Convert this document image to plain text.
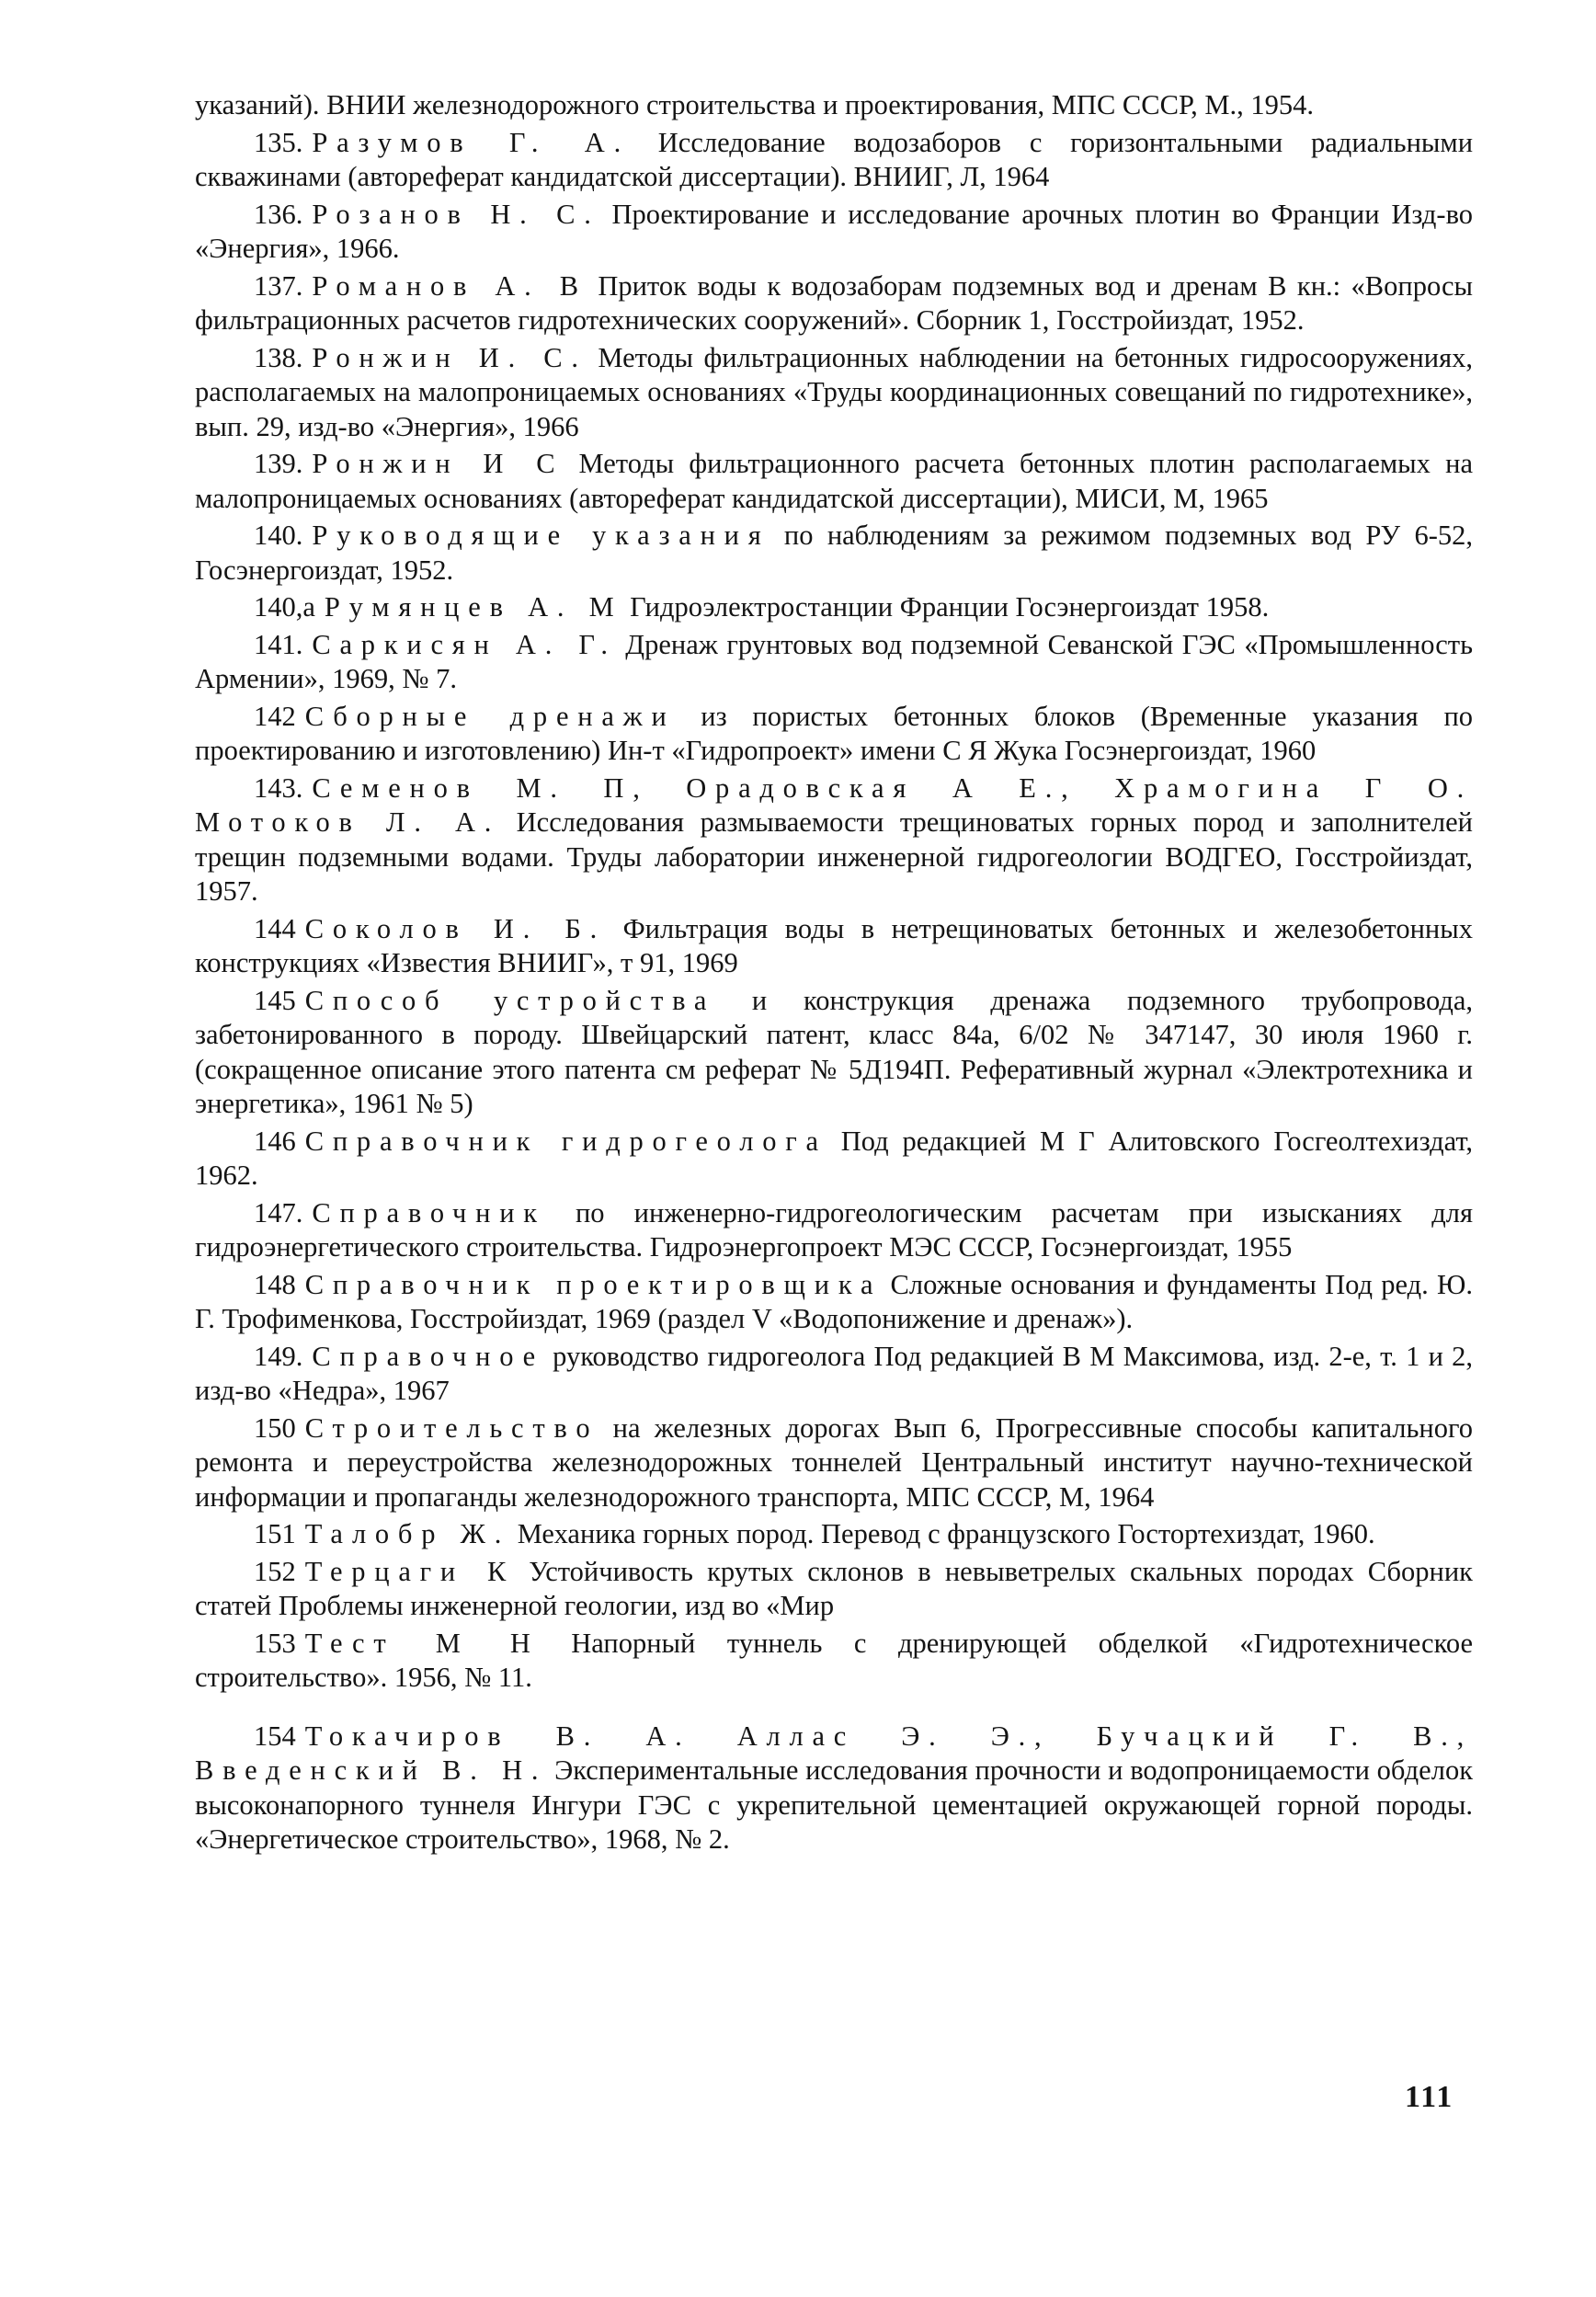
указаний). ВНИИ железнодорожного строительства и проектирования, МПС СССР, М., 1954.

135. Разумов Г. А. Исследование водозаборов с горизонтальными радиальными скважинами (автореферат кандидатской диссертации). ВНИИГ, Л, 1964

136. Розанов Н. С. Проектирование и исследование арочных плотин во Франции Изд-во «Энергия», 1966.

137. Романов А. В Приток воды к водозаборам подземных вод и дренам В кн.: «Вопросы фильтрационных расчетов гидротехнических сооружений». Сборник 1, Госстройиздат, 1952.

138. Ронжин И. С. Методы фильтрационных наблюдении на бетонных гидросооружениях, располагаемых на малопроницаемых основаниях «Труды координационных совещаний по гидротехнике», вып. 29, изд-во «Энергия», 1966

139. Ронжин И С Методы фильтрационного расчета бетонных плотин располагаемых на малопроницаемых основаниях (автореферат кандидатской диссертации), МИСИ, М, 1965

140. Руководящие указания по наблюдениям за режимом подземных вод РУ 6-52, Госэнергоиздат, 1952.

140,а Румянцев А. М Гидроэлектростанции Франции Госэнергоиздат 1958.

141. Саркисян А. Г. Дренаж грунтовых вод подземной Севанской ГЭС «Промышленность Армении», 1969, № 7.

142 Сборные дренажи из пористых бетонных блоков (Временные указания по проектированию и изготовлению) Ин-т «Гидропроект» имени С Я Жука Госэнергоиздат, 1960

143. Семенов М. П, Орадовская А Е., Храмогина Г О. Мотоков Л. А. Исследования размываемости трещиноватых горных пород и заполнителей трещин подземными водами. Труды лаборатории инженерной гидрогеологии ВОДГЕО, Госстройиздат, 1957.

144 Соколов И. Б. Фильтрация воды в нетрещиноватых бетонных и железобетонных конструкциях «Известия ВНИИГ», т 91, 1969

145 Способ устройства и конструкция дренажа подземного трубопровода, забетонированного в породу. Швейцарский патент, класс 84а, 6/02 № 347147, 30 июля 1960 г. (сокращенное описание этого патента см реферат № 5Д194П. Реферативный журнал «Электротехника и энергетика», 1961 № 5)

146 Справочник гидрогеолога Под редакцией М Г Алитовского Госгеолтехиздат, 1962.

147. Справочник по инженерно-гидрогеологическим расчетам при изысканиях для гидроэнергетического строительства. Гидроэнергопроект МЭС СССР, Госэнергоиздат, 1955

148 Справочник проектировщика Сложные основания и фундаменты Под ред. Ю. Г. Трофименкова, Госстройиздат, 1969 (раздел V «Водопонижение и дренаж»).

149. Справочное руководство гидрогеолога Под редакцией В М Максимова, изд. 2-е, т. 1 и 2, изд-во «Недра», 1967

150 Строительство на железных дорогах Вып 6, Прогрессивные способы капитального ремонта и переустройства железнодорожных тоннелей Центральный институт научно-технической информации и пропаганды железнодорожного транспорта, МПС СССР, М, 1964

151 Талобр Ж. Механика горных пород. Перевод с французского Гостортехиздат, 1960.

152 Терцаги К Устойчивость крутых склонов в невыветрелых скальных породах Сборник статей Проблемы инженерной геологии, изд во «Мир

153 Тест М Н Напорный туннель с дренирующей обделкой «Гидротехническое строительство». 1956, № 11.

154 Токачиров В. А. Аллас Э. Э., Бучацкий Г. В., Введенский В. Н. Экспериментальные исследования прочности и водопроницаемости обделок высоконапорного туннеля Ингури ГЭС с укрепительной цементацией окружающей горной породы. «Энергетическое строительство», 1968, № 2.

111
